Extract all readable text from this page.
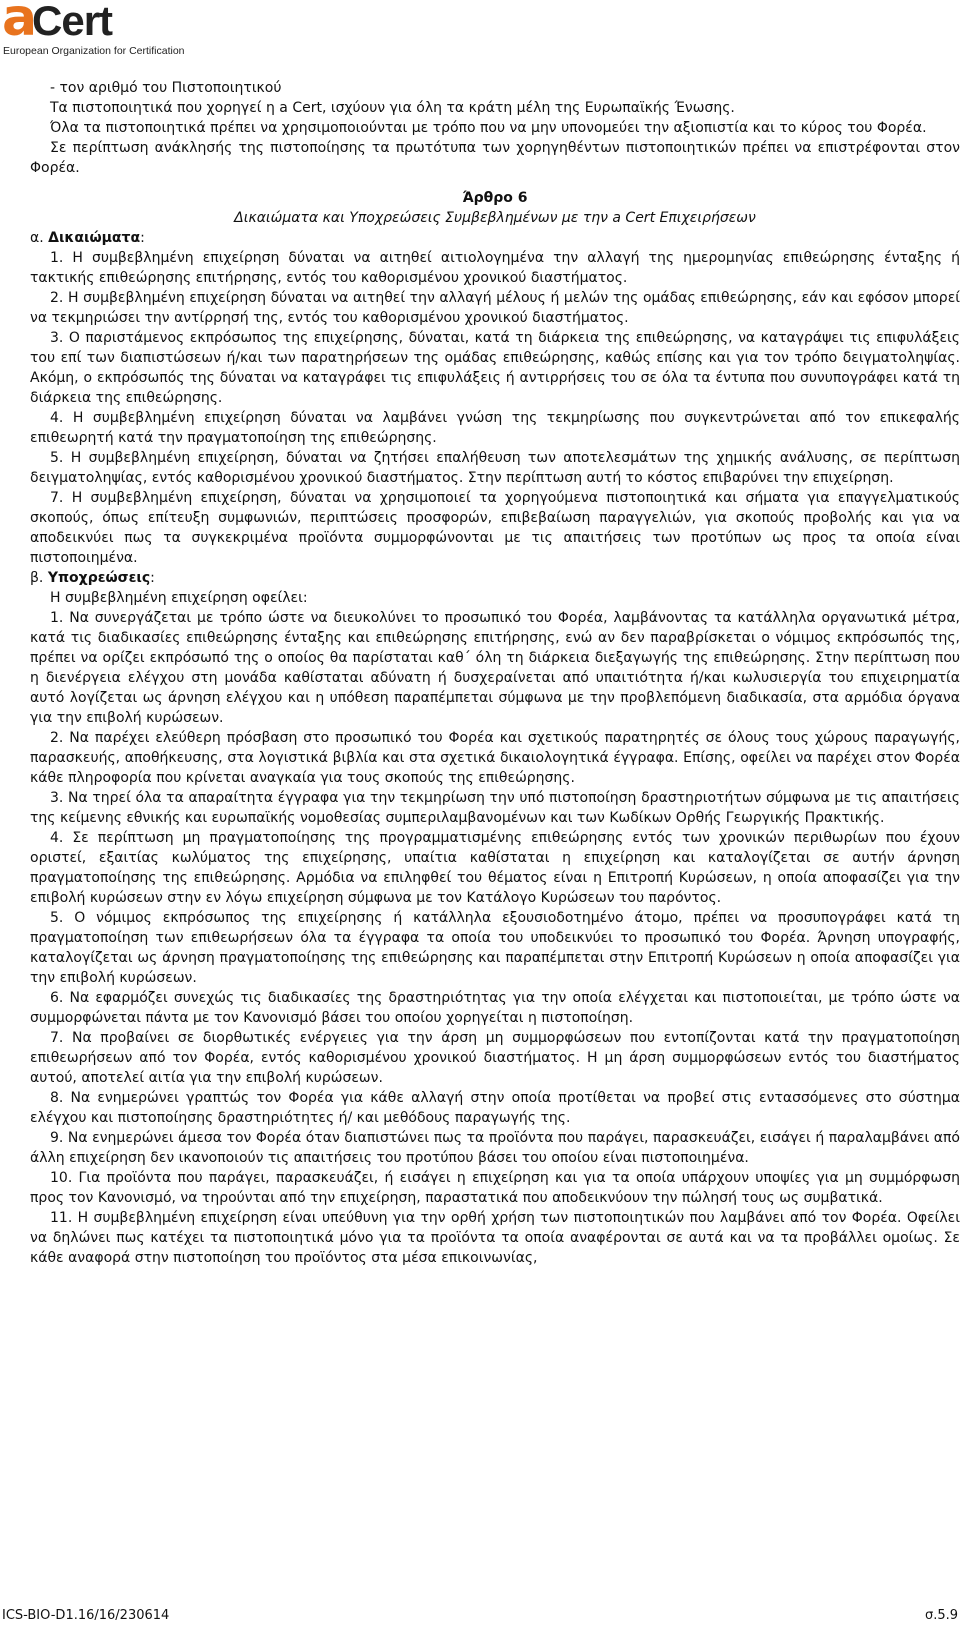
a
Cert
European Organization for Certification

- τον αριθμό του Πιστοποιητικού

Τα πιστοποιητικά που χορηγεί η a Cert, ισχύουν για όλη τα κράτη μέλη της Ευρωπαϊκής Ένωσης.

Όλα τα πιστοποιητικά πρέπει να χρησιμοποιούνται με τρόπο που να μην υπονομεύει την αξιοπιστία και το κύρος του Φορέα.

Σε περίπτωση ανάκλησής της πιστοποίησης τα πρωτότυπα των χορηγηθέντων πιστοποιητικών πρέπει να επιστρέφονται στον Φορέα.

Άρθρο 6

Δικαιώματα και Υποχρεώσεις Συμβεβλημένων με την a Cert Επιχειρήσεων

α. Δικαιώματα:

1. Η συμβεβλημένη επιχείρηση δύναται να αιτηθεί αιτιολογημένα την αλλαγή της ημερομηνίας επιθεώρησης ένταξης ή τακτικής επιθεώρησης επιτήρησης, εντός του καθορισμένου χρονικού διαστήματος.

2. Η συμβεβλημένη επιχείρηση δύναται να αιτηθεί την αλλαγή μέλους ή μελών της ομάδας επιθεώρησης, εάν και εφόσον μπορεί να τεκμηριώσει την αντίρρησή της, εντός του καθορισμένου χρονικού διαστήματος.

3. Ο παριστάμενος εκπρόσωπος της επιχείρησης, δύναται, κατά τη διάρκεια της επιθεώρησης, να καταγράψει τις επιφυλάξεις του επί των διαπιστώσεων ή/και των παρατηρήσεων της ομάδας επιθεώρησης, καθώς επίσης και για τον τρόπο δειγματοληψίας. Ακόμη, ο εκπρόσωπός της δύναται να καταγράφει τις επιφυλάξεις ή αντιρρήσεις του σε όλα τα έντυπα που συνυπογράφει κατά τη διάρκεια της επιθεώρησης.

4. Η συμβεβλημένη επιχείρηση δύναται να λαμβάνει γνώση της τεκμηρίωσης που συγκεντρώνεται από τον επικεφαλής επιθεωρητή κατά την πραγματοποίηση της επιθεώρησης.

5. Η συμβεβλημένη επιχείρηση, δύναται να ζητήσει επαλήθευση των αποτελεσμάτων της χημικής ανάλυσης, σε περίπτωση δειγματοληψίας, εντός καθορισμένου χρονικού διαστήματος. Στην περίπτωση αυτή το κόστος επιβαρύνει την επιχείρηση.

7. Η συμβεβλημένη επιχείρηση, δύναται να χρησιμοποιεί τα χορηγούμενα πιστοποιητικά και σήματα για επαγγελματικούς σκοπούς, όπως επίτευξη συμφωνιών, περιπτώσεις προσφορών, επιβεβαίωση παραγγελιών, για σκοπούς προβολής και για να αποδεικνύει πως τα συγκεκριμένα προϊόντα συμμορφώνονται με τις απαιτήσεις των προτύπων ως προς τα οποία είναι πιστοποιημένα.

β. Υποχρεώσεις:

Η συμβεβλημένη επιχείρηση οφείλει:

1. Να συνεργάζεται με τρόπο ώστε να διευκολύνει το προσωπικό του Φορέα, λαμβάνοντας τα κατάλληλα οργανωτικά μέτρα, κατά τις διαδικασίες επιθεώρησης ένταξης και επιθεώρησης επιτήρησης, ενώ αν δεν παραβρίσκεται ο νόμιμος εκπρόσωπός της, πρέπει να ορίζει εκπρόσωπό της ο οποίος θα παρίσταται καθ΄ όλη τη διάρκεια διεξαγωγής της επιθεώρησης. Στην περίπτωση που η διενέργεια ελέγχου στη μονάδα καθίσταται αδύνατη ή δυσχεραίνεται από υπαιτιότητα ή/και κωλυσιεργία του επιχειρηματία αυτό λογίζεται ως άρνηση ελέγχου και η υπόθεση παραπέμπεται σύμφωνα με την προβλεπόμενη διαδικασία, στα αρμόδια όργανα για την επιβολή κυρώσεων.

2. Να παρέχει ελεύθερη πρόσβαση στο προσωπικό του Φορέα και σχετικούς παρατηρητές σε όλους τους χώρους παραγωγής, παρασκευής, αποθήκευσης, στα λογιστικά βιβλία και στα σχετικά δικαιολογητικά έγγραφα. Επίσης, οφείλει να παρέχει στον Φορέα κάθε πληροφορία που κρίνεται αναγκαία για τους σκοπούς της επιθεώρησης.

3. Να τηρεί όλα τα απαραίτητα έγγραφα για την τεκμηρίωση την υπό πιστοποίηση δραστηριοτήτων σύμφωνα με τις απαιτήσεις της κείμενης εθνικής και ευρωπαϊκής νομοθεσίας συμπεριλαμβανομένων και των Κωδίκων Ορθής Γεωργικής Πρακτικής.

4. Σε περίπτωση μη πραγματοποίησης της προγραμματισμένης επιθεώρησης εντός των χρονικών περιθωρίων που έχουν οριστεί, εξαιτίας κωλύματος της επιχείρησης, υπαίτια καθίσταται η επιχείρηση και καταλογίζεται σε αυτήν άρνηση πραγματοποίησης της επιθεώρησης. Αρμόδια να επιληφθεί του θέματος είναι η Επιτροπή Κυρώσεων, η οποία αποφασίζει για την επιβολή κυρώσεων στην εν λόγω επιχείρηση σύμφωνα με τον Κατάλογο Κυρώσεων του παρόντος.

5. Ο νόμιμος εκπρόσωπος της επιχείρησης ή κατάλληλα εξουσιοδοτημένο άτομο, πρέπει να προσυπογράφει κατά τη πραγματοποίηση των επιθεωρήσεων όλα τα έγγραφα τα οποία του υποδεικνύει το προσωπικό του Φορέα. Άρνηση υπογραφής, καταλογίζεται ως άρνηση πραγματοποίησης της επιθεώρησης και παραπέμπεται στην Επιτροπή Κυρώσεων η οποία αποφασίζει για την επιβολή κυρώσεων.

6. Να εφαρμόζει συνεχώς τις διαδικασίες της δραστηριότητας για την οποία ελέγχεται και πιστοποιείται, με τρόπο ώστε να συμμορφώνεται πάντα με τον Κανονισμό βάσει του οποίου χορηγείται η πιστοποίηση.

7. Να προβαίνει σε διορθωτικές ενέργειες για την άρση μη συμμορφώσεων που εντοπίζονται κατά την πραγματοποίηση επιθεωρήσεων από τον Φορέα, εντός καθορισμένου χρονικού διαστήματος. Η μη άρση συμμορφώσεων εντός του διαστήματος αυτού, αποτελεί αιτία για την επιβολή κυρώσεων.

8. Να ενημερώνει γραπτώς τον Φορέα για κάθε αλλαγή στην οποία προτίθεται να προβεί στις εντασσόμενες στο σύστημα ελέγχου και πιστοποίησης δραστηριότητες ή/ και μεθόδους παραγωγής της.

9. Να ενημερώνει άμεσα τον Φορέα όταν διαπιστώνει πως τα προϊόντα που παράγει, παρασκευάζει, εισάγει ή παραλαμβάνει από άλλη επιχείρηση δεν ικανοποιούν τις απαιτήσεις του προτύπου βάσει του οποίου είναι πιστοποιημένα.

10. Για προϊόντα που παράγει, παρασκευάζει, ή εισάγει η επιχείρηση και για τα οποία υπάρχουν υποψίες για μη συμμόρφωση προς τον Κανονισμό, να τηρούνται από την επιχείρηση, παραστατικά που αποδεικνύουν την πώλησή τους ως συμβατικά.

11. Η συμβεβλημένη επιχείρηση είναι υπεύθυνη για την ορθή χρήση των πιστοποιητικών που λαμβάνει από τον Φορέα. Οφείλει να δηλώνει πως κατέχει τα πιστοποιητικά μόνο για τα προϊόντα τα οποία αναφέρονται σε αυτά και να τα προβάλλει ομοίως. Σε κάθε αναφορά στην πιστοποίηση του προϊόντος στα μέσα επικοινωνίας,

ICS-BIO-D1.16/16/230614	σ.5.9
